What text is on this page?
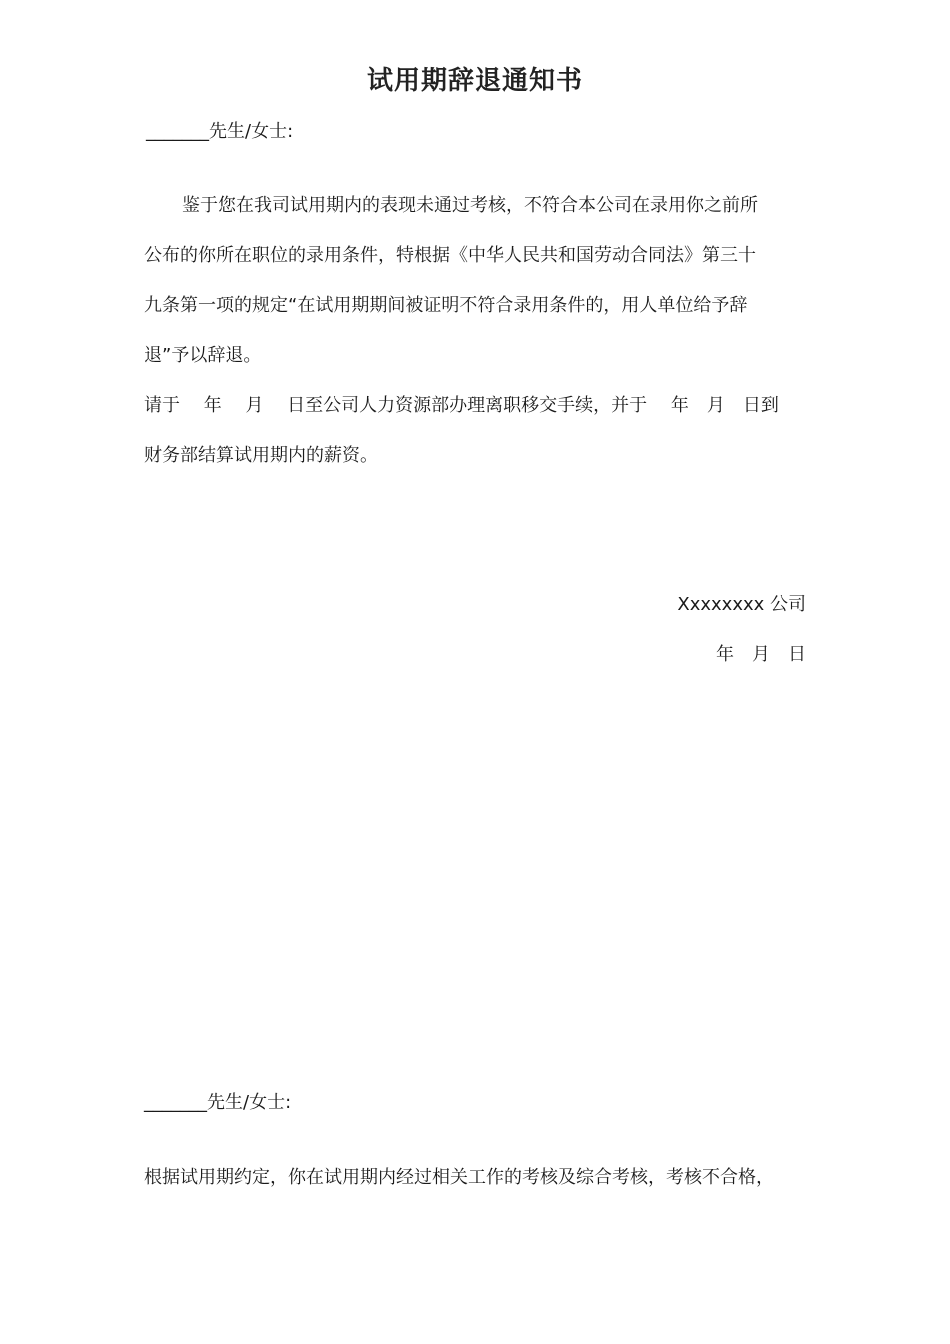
试用期辞退通知书
_______先生/女士:
鉴于您在我司试用期内的表现未通过考核，不符合本公司在录用你之前所
公布的你所在职位的录用条件，特根据《中华人民共和国劳动合同法》第三十
九条第一项的规定“在试用期期间被证明不符合录用条件的，用人单位给予辞
退”予以辞退。
请于　 年　 月　 日至公司人力资源部办理离职移交手续，并于　 年　月　日到
财务部结算试用期内的薪资。
Xxxxxxxx 公司
年　月　日
_______先生/女士:
根据试用期约定，你在试用期内经过相关工作的考核及综合考核，考核不合格，
